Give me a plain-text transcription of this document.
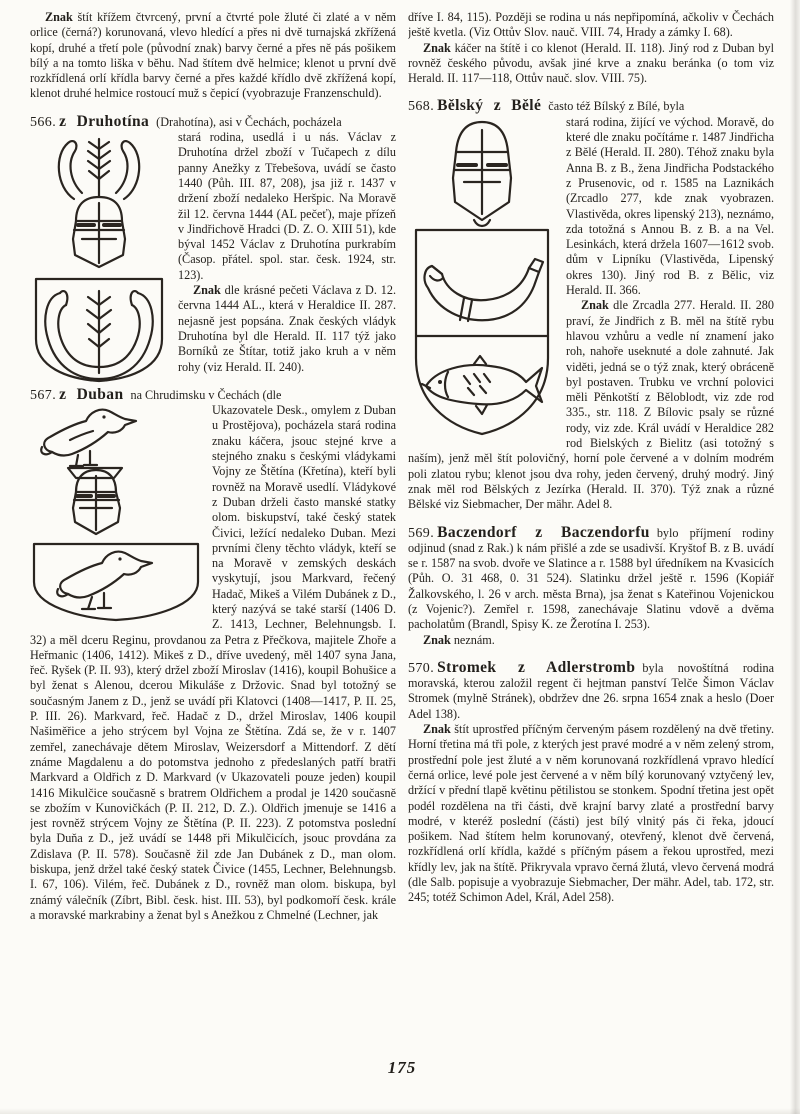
Znak štít křížem čtvrcený, první a čtvrté pole žluté či zlaté a v něm orlice (černá?) korunovaná, vlevo hledící a přes ni dvě turnajská zkřížená kopí, druhé a třetí pole (původní znak) barvy černé a přes ně pás pošikem bílý a na tomto liška v běhu. Nad štítem dvě helmice; klenot u první dvě rozkřídlená orlí křídla barvy černé a přes každé křídlo dvě zkřížená kopí, klenot druhé helmice rostoucí muž s čepicí (vyobrazuje Franzenschuld).

566. z Druhotína (Drahotína), asi v Čechách, pocházela

stará rodina, usedlá i u nás. Václav z Druhotína držel zboží v Tučapech z dílu panny Anežky z Třebešova, uvádí se často 1440 (Půh. III. 87, 208), jsa již r. 1437 v držení zboží nedaleko Heršpic. Na Moravě žil 12. června 1444 (AL pečeť), maje přízeň v Jindřichově Hradci (D. Z. O. XIII 51), kde býval 1452 Václav z Druhotína purkrabím (Časop. přátel. spol. star. česk. 1924, str. 123).

Znak dle krásné pečeti Václava z D. 12. června 1444 AL., která v Heraldice II. 287. nejasně jest popsána. Znak českých vládyk Druhotína byl dle Herald. II. 117 týž jako Borníků ze Štítar, totiž jako kruh a v něm rohy (viz Herald. II. 240).

567. z Duban na Chrudimsku v Čechách (dle

Ukazovatele Desk., omylem z Duban u Prostějova), pocházela stará rodina znaku káčera, jsouc stejné krve a stejného znaku s českými vládykami Vojny ze Štětína (Křetína), kteří byli rovněž na Moravě usedlí. Vládykové z Duban drželi často manské statky olom. biskupství, také český statek Čivici, ležící nedaleko Duban. Mezi prvními členy těchto vládyk, kteří se na Moravě v zemských deskách vyskytují, jsou Markvard, řečený Hadač, Mikeš a Vilém Dubánek z D., který nazývá se také starší (1406 D. Z. 1413, Lechner, Belehnungsb. I. 32) a měl dceru Reginu, provdanou za Petra z Přečkova, majitele Zhoře a Heřmanic (1406, 1412). Mikeš z D., dříve uvedený, měl 1407 syna Jana, řeč. Ryšek (P. II. 93), který držel zboží Miroslav (1416), koupil Bohušice a byl ženat s Alenou, dcerou Mikuláše z Držovic. Snad byl totožný se současným Janem z D., jenž se uvádí při Klatovci (1408—1417, P. II. 25, P. III. 26). Markvard, řeč. Hadač z D., držel Miroslav, 1406 koupil Našiměřice a jeho strýcem byl Vojna ze Štětína. Zdá se, že v r. 1407 zemřel, zanechávaje dětem Miroslav, Weizersdorf a Mittendorf. Z dětí známe Magdalenu a do potomstva jednoho z předeslaných patří bratři Markvard a Oldřich z D. Markvard (v Ukazovateli pouze jeden) koupil 1416 Mikulčice současně s bratrem Oldřichem a prodal je 1420 současně se zbožím v Kunovičkách (P. II. 212, D. Z.). Oldřich jmenuje se 1416 a jest rovněž strýcem Vojny ze Štětína (P. II. 223). Z potomstva poslední byla Duňa z D., jež uvádí se 1448 při Mikulčicích, jsouc provdána za Zdislava (P. II. 578). Současně žil zde Jan Dubánek z D., man olom. biskupa, jenž držel také český statek Čivice (1455, Lechner, Belehnungsb. I. 67, 106). Vilém, řeč. Dubánek z D., rovněž man olom. biskupa, byl známý válečník (Zíbrt, Bibl. česk. hist. III. 53), byl podkomoří česk. krále a moravské markrabiny a ženat byl s Anežkou z Chmelné (Lechner, jak

dříve I. 84, 115). Později se rodina u nás nepřipomíná, ačkoliv v Čechách ještě kvetla. (Viz Ottův Slov. nauč. VIII. 74, Hrady a zámky I. 68).

Znak káčer na štítě i co klenot (Herald. II. 118). Jiný rod z Duban byl rovněž českého původu, avšak jiné krve a znaku beránka (o tom viz Herald. II. 117—118, Ottův nauč. slov. VIII. 75).

568. Bělský z Bělé často též Bílský z Bílé, byla

stará rodina, žijící ve východ. Moravě, do které dle znaku počítáme r. 1487 Jindřicha z Bělé (Herald. II. 280). Téhož znaku byla Anna B. z B., žena Jindřicha Podstackého z Prusenovic, od r. 1585 na Laznikách (Zrcadlo 277, kde znak vyobrazen. Vlastivěda, okres lipenský 213), neznámo, zda totožná s Annou B. z B. a na Vel. Lesinkách, která držela 1607—1612 svob. dům v Lipníku (Vlastivěda, Lipenský okres 130). Jiný rod B. z Bělic, viz Herald. II. 366.

Znak dle Zrcadla 277. Herald. II. 280 praví, že Jindřich z B. měl na štítě rybu hlavou vzhůru a vedle ní znamení jako roh, nahoře useknuté a dole zahnuté. Jak viděti, jedná se o týž znak, který obráceně byl postaven. Trubku ve vrchní polovici měli Pěnkotští z Běloblodt, viz zde rod 335., str. 118. Z Bílovic psaly se různé rody, viz zde. Král uvádí v Heraldice 282 rod Bielských z Bielitz (asi totožný s naším), jenž měl štít polovičný, horní pole červené a v dolním modrém poli zlatou rybu; klenot jsou dva rohy, jeden červený, druhý modrý. Jiný znak měl rod Bělských z Jezírka (Herald. II. 370). Týž znak a různé Bělské viz Siebmacher, Der mähr. Adel 8.

569. Baczendorf z Baczendorfu bylo příjmení rodiny odjinud (snad z Rak.) k nám přišlé a zde se usadivší. Kryštof B. z B. uvádí se r. 1587 na svob. dvoře ve Slatince a r. 1588 byl úředníkem na Kvasicích (Půh. O. 31 468, 0. 31 524). Slatinku držel ještě r. 1596 (Kopiář Žalkovského, l. 26 v arch. města Brna), jsa ženat s Kateřinou Vojenickou (z Vojenic?). Zemřel r. 1598, zanechávaje Slatinu vdově a dvěma pacholatům (Brandl, Spisy K. ze Žerotína I. 253).

Znak neznám.

570. Stromek z Adlerstromb byla novoštítná rodina moravská, kterou založil regent či hejtman panství Telče Šimon Václav Stromek (mylně Stránek), obdržev dne 26. srpna 1654 znak a heslo (Doer Adel 138).

Znak štít uprostřed příčným červeným pásem rozdělený na dvě třetiny. Horní třetina má tři pole, z kterých jest pravé modré a v něm zelený strom, prostřední pole jest žluté a v něm korunovaná rozkřídlená vpravo hledící černá orlice, levé pole jest červené a v něm bílý korunovaný vztyčený lev, držící v přední tlapě květinu pětilistou se stonkem. Spodní třetina jest opět podél rozdělena na tři části, dvě krajní barvy zlaté a prostřední barvy modré, v kteréž poslední (části) jest bílý vlnitý pás či řeka, jdoucí pošikem. Nad štítem helm korunovaný, otevřený, klenot dvě červená, rozkřídlená orlí křídla, každé s příčným pásem a řekou uprostřed, mezi křídly lev, jak na štítě. Přikryvala vpravo černá žlutá, vlevo červená modrá (dle Salb. popisuje a vyobrazuje Siebmacher, Der mähr. Adel, tab. 172, str. 245; totéž Schimon Adel, Král, Adel 258).

175
